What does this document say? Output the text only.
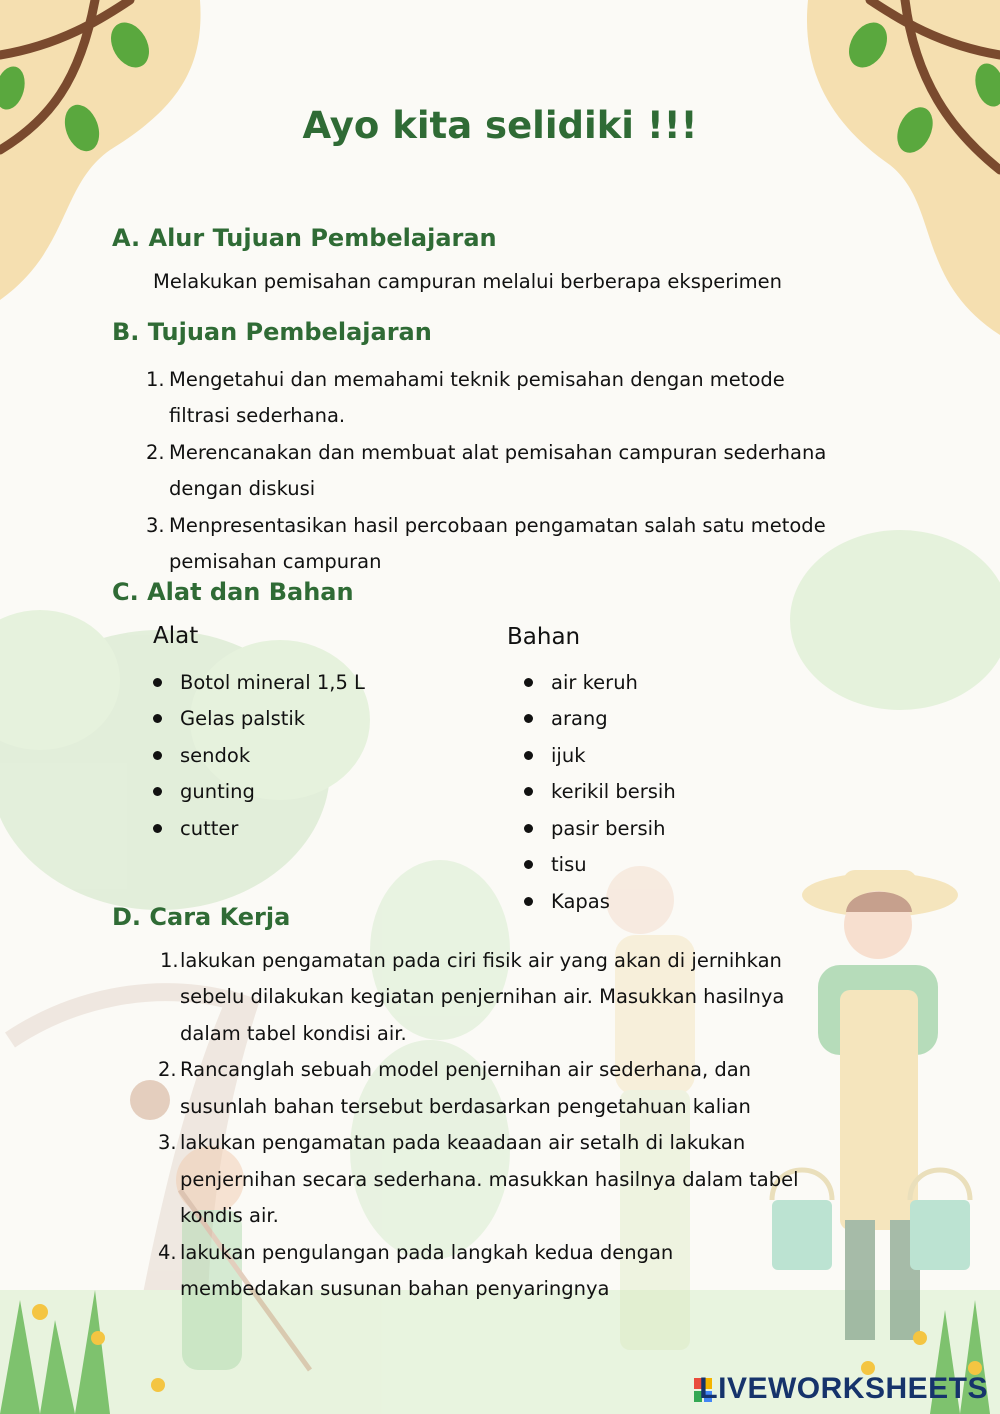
Ayo kita selidiki !!!
A. Alur Tujuan Pembelajaran
Melakukan pemisahan campuran melalui berberapa eksperimen
B. Tujuan Pembelajaran
1. Mengetahui dan memahami teknik pemisahan dengan metode
filtrasi sederhana.
2. Merencanakan dan membuat alat pemisahan campuran sederhana
dengan diskusi
3. Menpresentasikan hasil percobaan pengamatan salah satu metode
pemisahan campuran
C. Alat dan Bahan
Alat	Bahan
Botol mineral 1,5 L
Gelas palstik
sendok
gunting
cutter
air keruh
arang
ijuk
kerikil bersih
pasir bersih
tisu
Kapas
D. Cara Kerja
1. lakukan pengamatan pada ciri fisik air yang akan di jernihkan
sebelu dilakukan kegiatan penjernihan air. Masukkan hasilnya
dalam tabel kondisi air.
2. Rancanglah sebuah model penjernihan air sederhana, dan
susunlah bahan tersebut berdasarkan pengetahuan kalian
3. lakukan pengamatan pada keaadaan air setalh di lakukan
penjernihan secara sederhana. masukkan hasilnya dalam tabel
kondis air.
4. lakukan pengulangan pada langkah kedua dengan
membedakan susunan bahan penyaringnya
LIVEWORKSHEETS
